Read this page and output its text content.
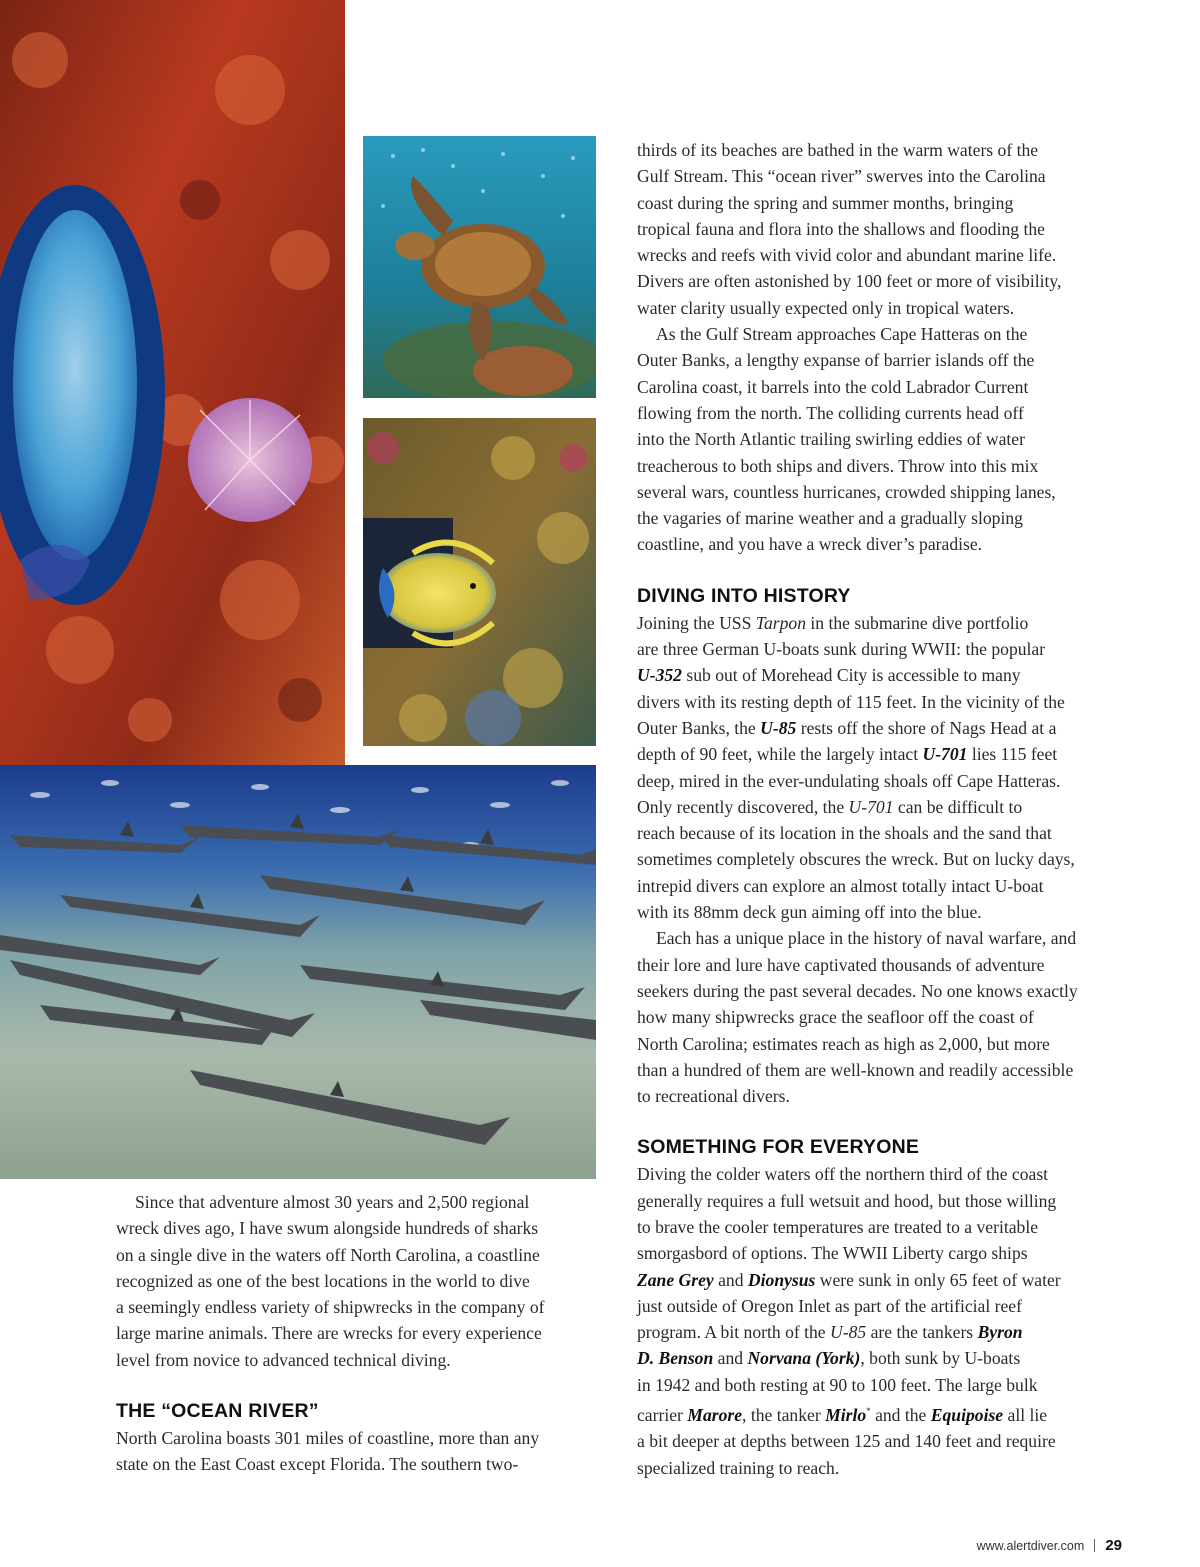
thirds of its beaches are bathed in the warm waters of the
Gulf Stream. This “ocean river” swerves into the Carolina
coast during the spring and summer months, bringing
tropical fauna and flora into the shallows and flooding the
wrecks and reefs with vivid color and abundant marine life.
Divers are often astonished by 100 feet or more of visibility,
water clarity usually expected only in tropical waters.

As the Gulf Stream approaches Cape Hatteras on the
Outer Banks, a lengthy expanse of barrier islands off the
Carolina coast, it barrels into the cold Labrador Current
flowing from the north. The colliding currents head off
into the North Atlantic trailing swirling eddies of water
treacherous to both ships and divers. Throw into this mix
several wars, countless hurricanes, crowded shipping lanes,
the vagaries of marine weather and a gradually sloping
coastline, and you have a wreck diver’s paradise.

DIVING INTO HISTORY

Joining the USS Tarpon in the submarine dive portfolio
are three German U-boats sunk during WWII: the popular
U-352 sub out of Morehead City is accessible to many
divers with its resting depth of 115 feet. In the vicinity of the
Outer Banks, the U-85 rests off the shore of Nags Head at a
depth of 90 feet, while the largely intact U-701 lies 115 feet
deep, mired in the ever-undulating shoals off Cape Hatteras.
Only recently discovered, the U-701 can be difficult to
reach because of its location in the shoals and the sand that
sometimes completely obscures the wreck. But on lucky days,
intrepid divers can explore an almost totally intact U-boat
with its 88mm deck gun aiming off into the blue.

Each has a unique place in the history of naval warfare, and
their lore and lure have captivated thousands of adventure
seekers during the past several decades. No one knows exactly
how many shipwrecks grace the seafloor off the coast of
North Carolina; estimates reach as high as 2,000, but more
than a hundred of them are well-known and readily accessible
to recreational divers.

SOMETHING FOR EVERYONE

Diving the colder waters off the northern third of the coast
generally requires a full wetsuit and hood, but those willing
to brave the cooler temperatures are treated to a veritable
smorgasbord of options. The WWII Liberty cargo ships
Zane Grey and Dionysus were sunk in only 65 feet of water
just outside of Oregon Inlet as part of the artificial reef
program. A bit north of the U-85 are the tankers Byron
D. Benson and Norvana (York), both sunk by U-boats
in 1942 and both resting at 90 to 100 feet. The large bulk
carrier Marore, the tanker Mirlo* and the Equipoise all lie
a bit deeper at depths between 125 and 140 feet and require
specialized training to reach.

Since that adventure almost 30 years and 2,500 regional
wreck dives ago, I have swum alongside hundreds of sharks
on a single dive in the waters off North Carolina, a coastline
recognized as one of the best locations in the world to dive
a seemingly endless variety of shipwrecks in the company of
large marine animals. There are wrecks for every experience
level from novice to advanced technical diving.

THE “OCEAN RIVER”

North Carolina boasts 301 miles of coastline, more than any
state on the East Coast except Florida. The southern two-

www.alertdiver.com 29
